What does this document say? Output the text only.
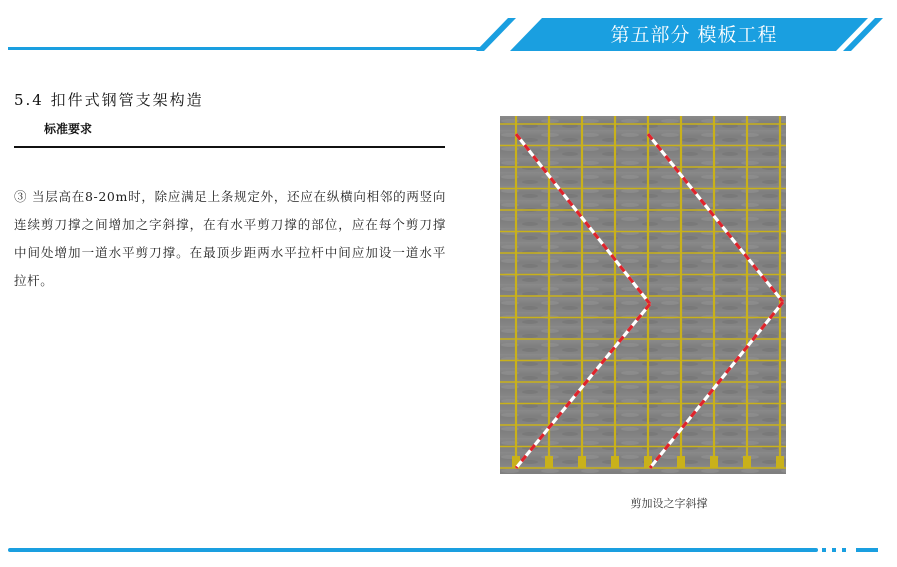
第五部分 模板工程
5.4 扣件式钢管支架构造
标准要求
③ 当层高在8-20m时，除应满足上条规定外，还应在纵横向相邻的两竖向连续剪刀撑之间增加之字斜撑，在有水平剪刀撑的部位，应在每个剪刀撑中间处增加一道水平剪刀撑。在最顶步距两水平拉杆中间应加设一道水平拉杆。
剪加设之字斜撑
